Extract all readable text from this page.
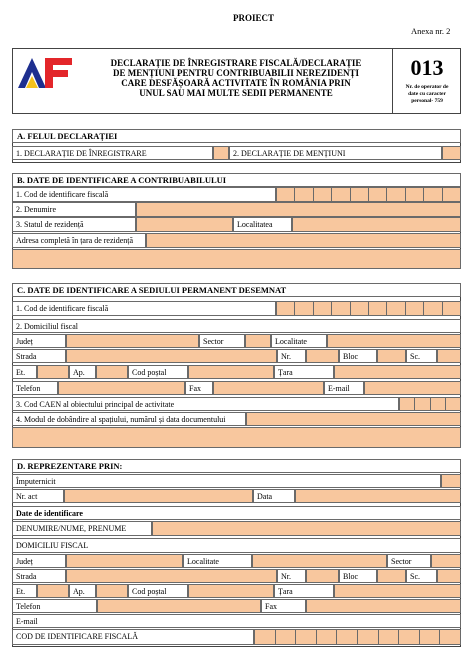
PROIECT
Anexa nr. 2
DECLARAȚIE DE ÎNREGISTRARE FISCALĂ/DECLARAȚIE
DE MENȚIUNI PENTRU CONTRIBUABILII NEREZIDENȚI
CARE DESFĂȘOARĂ ACTIVITATE ÎN ROMÂNIA PRIN
UNUL SAU MAI MULTE SEDII PERMANENTE
013
Nr. de operator de
date cu caracter
personal- 759
A. FELUL DECLARAȚIEI
1. DECLARAȚIE DE ÎNREGISTRARE	2. DECLARAȚIE DE MENȚIUNI
B. DATE DE IDENTIFICARE A CONTRIBUABILULUI
1. Cod de identificare fiscală
2. Denumire
3. Statul de rezidență	Localitatea
Adresa completă în țara de rezidență
C. DATE DE IDENTIFICARE A SEDIULUI PERMANENT DESEMNAT
1. Cod de identificare fiscală
2. Domiciliul fiscal
Județ	Sector	Localitate
Strada	Nr.	Bloc	Sc.
Et.	Ap.	Cod poștal	Țara
Telefon	Fax	E-mail
3. Cod CAEN al obiectului principal de activitate
4. Modul de dobândire al spațiului, numărul și data documentului
D. REPREZENTARE PRIN:
Împuternicit
Nr. act	Data
Date de identificare
DENUMIRE/NUME, PRENUME
DOMICILIU FISCAL
Județ	Localitate	Sector
Strada	Nr.	Bloc	Sc.
Et.	Ap.	Cod poștal	Țara
Telefon	Fax
E-mail
COD DE IDENTIFICARE FISCALĂ
